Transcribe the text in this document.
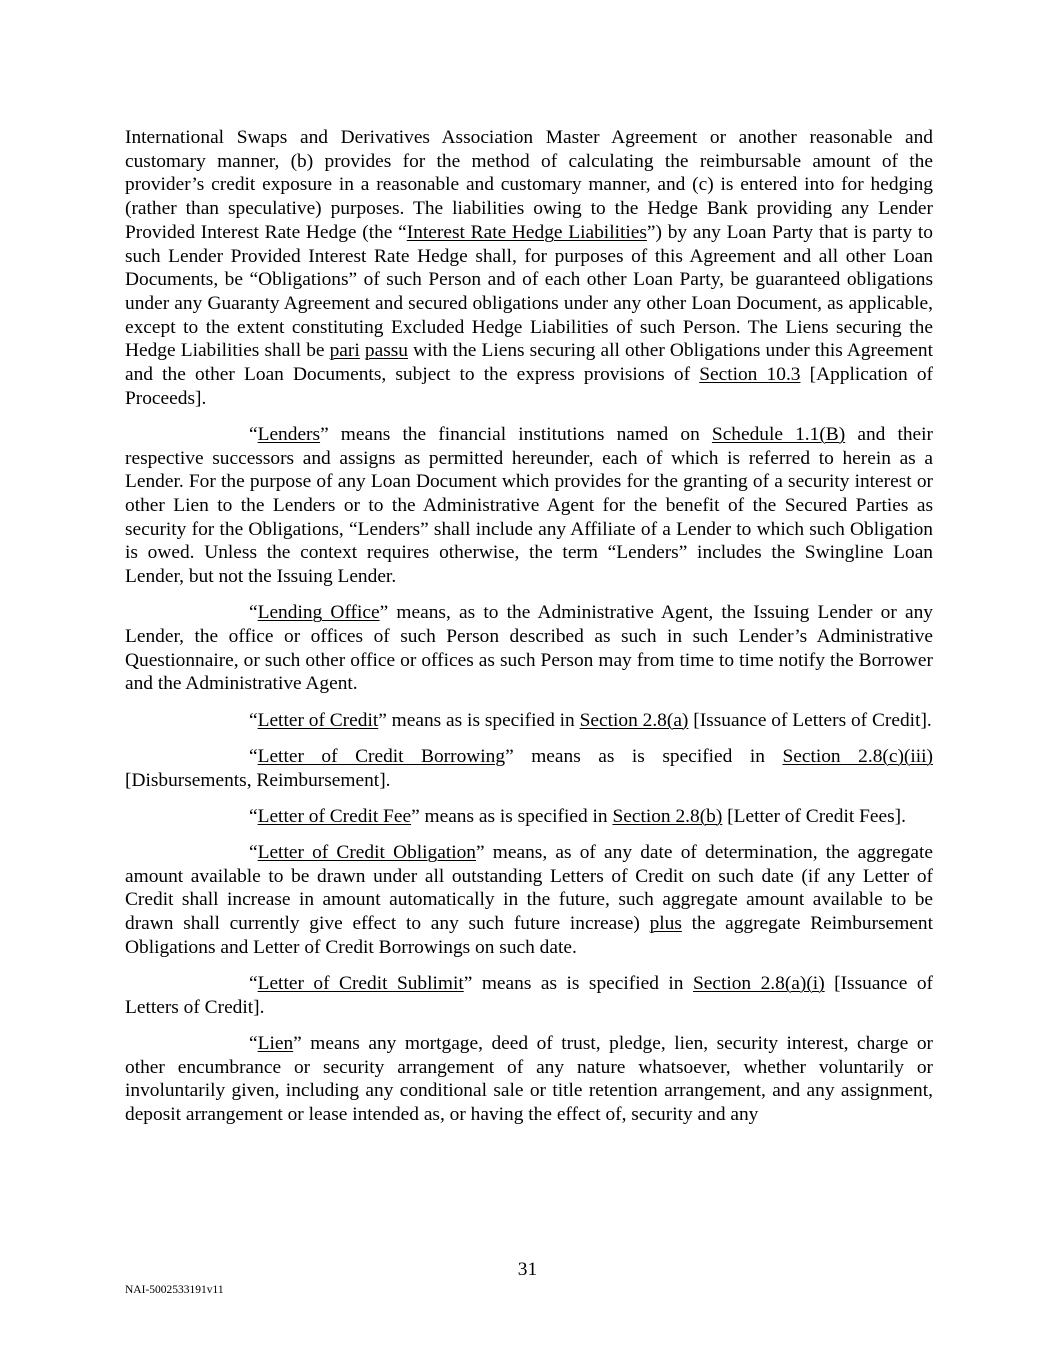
International Swaps and Derivatives Association Master Agreement or another reasonable and customary manner, (b) provides for the method of calculating the reimbursable amount of the provider’s credit exposure in a reasonable and customary manner, and (c) is entered into for hedging (rather than speculative) purposes. The liabilities owing to the Hedge Bank providing any Lender Provided Interest Rate Hedge (the “Interest Rate Hedge Liabilities”) by any Loan Party that is party to such Lender Provided Interest Rate Hedge shall, for purposes of this Agreement and all other Loan Documents, be “Obligations” of such Person and of each other Loan Party, be guaranteed obligations under any Guaranty Agreement and secured obligations under any other Loan Document, as applicable, except to the extent constituting Excluded Hedge Liabilities of such Person. The Liens securing the Hedge Liabilities shall be pari passu with the Liens securing all other Obligations under this Agreement and the other Loan Documents, subject to the express provisions of Section 10.3 [Application of Proceeds].

“Lenders” means the financial institutions named on Schedule 1.1(B) and their respective successors and assigns as permitted hereunder, each of which is referred to herein as a Lender. For the purpose of any Loan Document which provides for the granting of a security interest or other Lien to the Lenders or to the Administrative Agent for the benefit of the Secured Parties as security for the Obligations, “Lenders” shall include any Affiliate of a Lender to which such Obligation is owed. Unless the context requires otherwise, the term “Lenders” includes the Swingline Loan Lender, but not the Issuing Lender.

“Lending Office” means, as to the Administrative Agent, the Issuing Lender or any Lender, the office or offices of such Person described as such in such Lender’s Administrative Questionnaire, or such other office or offices as such Person may from time to time notify the Borrower and the Administrative Agent.

“Letter of Credit” means as is specified in Section 2.8(a) [Issuance of Letters of Credit].

“Letter of Credit Borrowing” means as is specified in Section 2.8(c)(iii) [Disbursements, Reimbursement].

“Letter of Credit Fee” means as is specified in Section 2.8(b) [Letter of Credit Fees].

“Letter of Credit Obligation” means, as of any date of determination, the aggregate amount available to be drawn under all outstanding Letters of Credit on such date (if any Letter of Credit shall increase in amount automatically in the future, such aggregate amount available to be drawn shall currently give effect to any such future increase) plus the aggregate Reimbursement Obligations and Letter of Credit Borrowings on such date.

“Letter of Credit Sublimit” means as is specified in Section 2.8(a)(i) [Issuance of Letters of Credit].

“Lien” means any mortgage, deed of trust, pledge, lien, security interest, charge or other encumbrance or security arrangement of any nature whatsoever, whether voluntarily or involuntarily given, including any conditional sale or title retention arrangement, and any assignment, deposit arrangement or lease intended as, or having the effect of, security and any

31
NAI-5002533191v11
